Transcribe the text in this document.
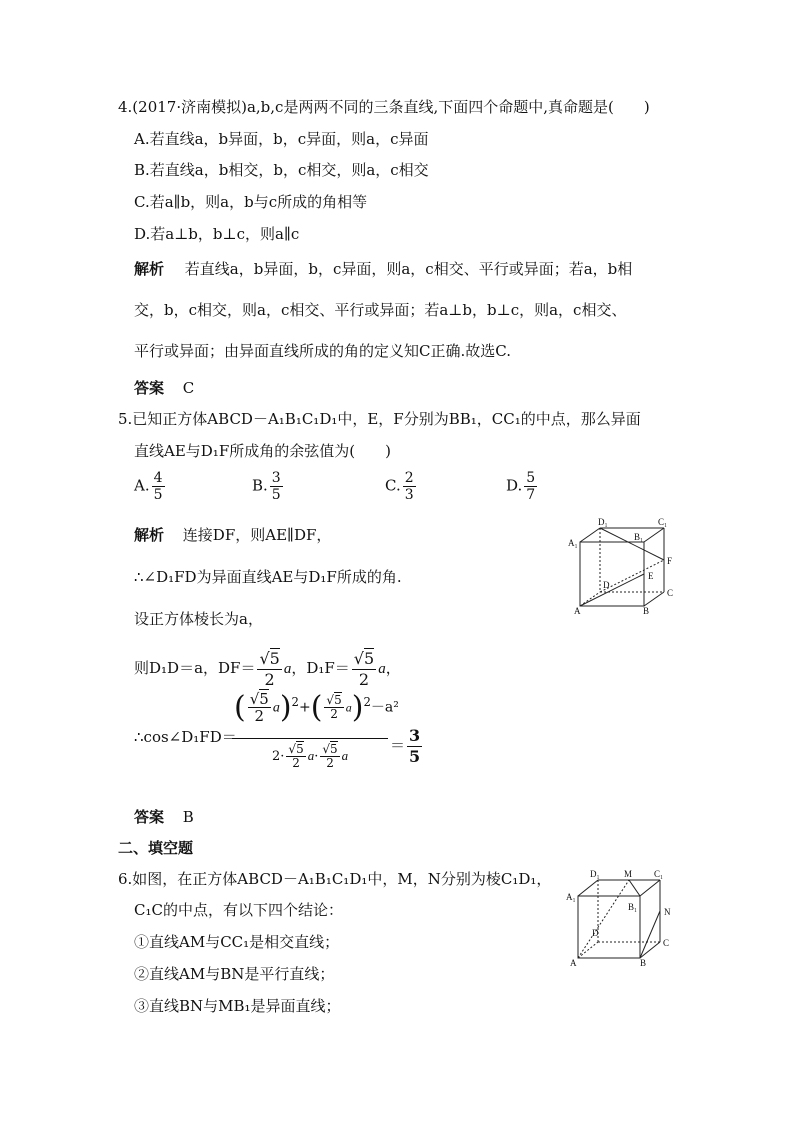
4.(2017·济南模拟)a,b,c是两两不同的三条直线,下面四个命题中,真命题是(　　)
A.若直线a，b异面，b，c异面，则a，c异面
B.若直线a，b相交，b，c相交，则a，c相交
C.若a∥b，则a，b与c所成的角相等
D.若a⊥b，b⊥c，则a∥c
解析 若直线a，b异面，b，c异面，则a，c相交、平行或异面；若a，b相
交，b，c相交，则a，c相交、平行或异面；若a⊥b，b⊥c，则a，c相交、
平行或异面；由异面直线所成的角的定义知C正确.故选C.
答案 C
5.已知正方体ABCD－A₁B₁C₁D₁中，E，F分别为BB₁，CC₁的中点，那么异面
直线AE与D₁F所成角的余弦值为(　　)
A. $\frac{4}{5}$	B. $\frac{3}{5}$	C. $\frac{2}{3}$	D. $\frac{5}{7}$
解析 连接DF，则AE∥DF，
∴∠D₁FD为异面直线AE与D₁F所成的角.
设正方体棱长为a，
则D₁D＝a，$DF= \frac{√5}{2}$ a，$D_1F= \frac{√5}{2}$ a，
∴cos∠D₁FD＝
( $\frac{√5}{2} a)^2+( \frac{√5}{2} a)^2-a^2$
$2\cdot \frac{√5}{2} a\cdot \frac{√5}{2}$ a
＝ $\frac{3}{5}$
答案 B
D₁	C₁
A₁
B₁
F
D
E
A	B
C
二、填空题
6.如图，在正方体ABCD－A₁B₁C₁D₁中，M，N分别为棱C₁D₁，
C₁C的中点，有以下四个结论：
①直线AM与CC₁是相交直线；
②直线AM与BN是平行直线；
③直线BN与MB₁是异面直线；
D₁	M C₁
A₁
B₁	N
D
C
A	B
